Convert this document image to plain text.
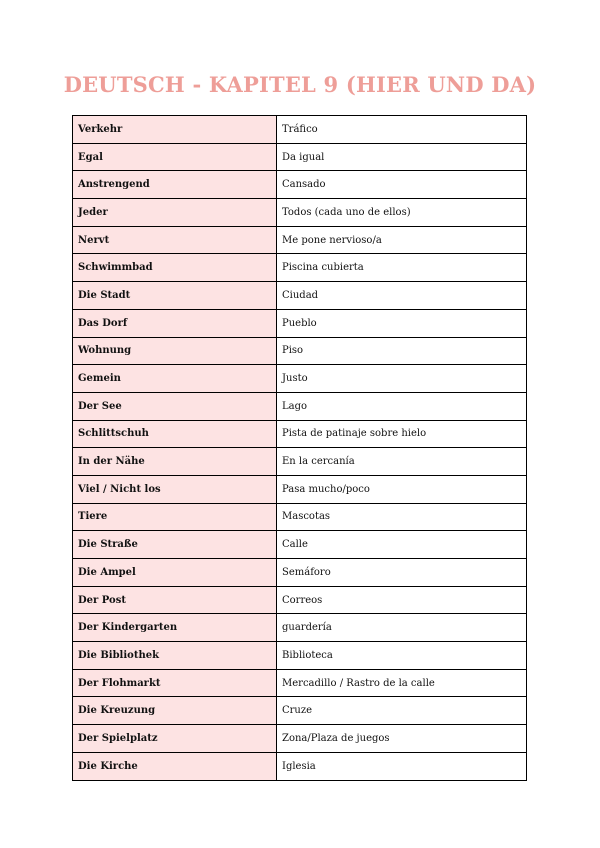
DEUTSCH - KAPITEL 9 (HIER UND DA)
Verkehr	Tráfico
Egal	Da igual
Anstrengend	Cansado
Jeder	Todos (cada uno de ellos)
Nervt	Me pone nervioso/a
Schwimmbad	Piscina cubierta
Die Stadt	Ciudad
Das Dorf	Pueblo
Wohnung	Piso
Gemein	Justo
Der See	Lago
Schlittschuh	Pista de patinaje sobre hielo
In der Nähe	En la cercanía
Viel / Nicht los	Pasa mucho/poco
Tiere	Mascotas
Die Straße	Calle
Die Ampel	Semáforo
Der Post	Correos
Der Kindergarten	guardería
Die Bibliothek	Biblioteca
Der Flohmarkt	Mercadillo / Rastro de la calle
Die Kreuzung	Cruze
Der Spielplatz	Zona/Plaza de juegos
Die Kirche	Iglesia
